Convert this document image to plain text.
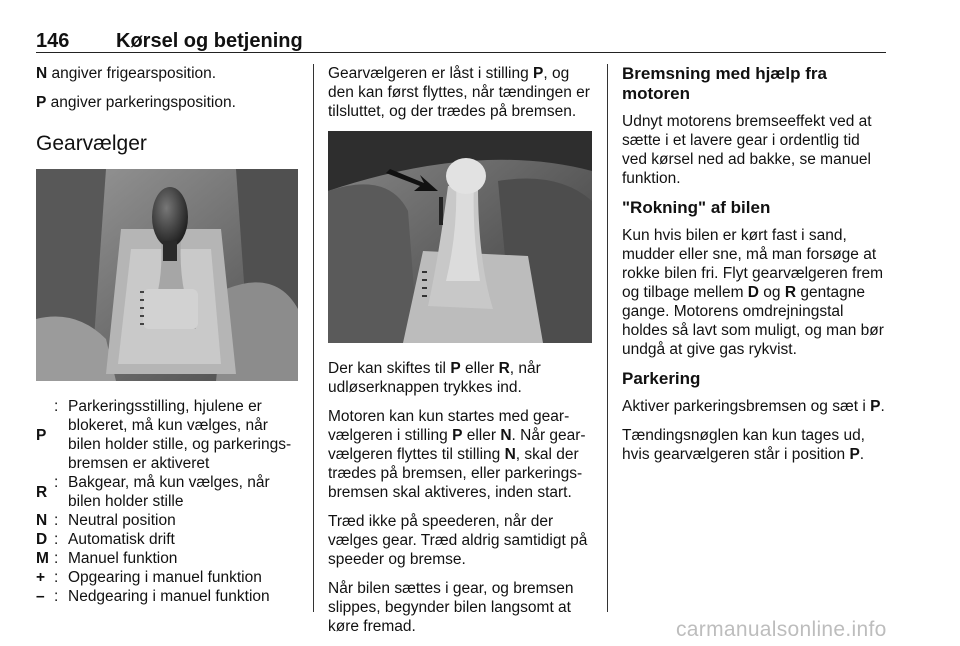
146 Kørsel og betjening

N angiver frigearsposition.

P angiver parkeringsposition.

Gearvælger

P
: Parkeringsstilling, hjulene er blokeret, må kun vælges, når bilen holder stille, og parkerings-bremsen er aktiveret
R
: Bakgear, må kun vælges, når bilen holder stille
N : Neutral position
D : Automatisk drift
M : Manuel funktion
+ : Opgearing i manuel funktion
– : Nedgearing i manuel funktion

Gearvælgeren er låst i stilling P, og den kan først flyttes, når tændingen er tilsluttet, og der trædes på bremsen.

Der kan skiftes til P eller R, når udløserknappen trykkes ind.

Motoren kan kun startes med gear-vælgeren i stilling P eller N. Når gear-vælgeren flyttes til stilling N, skal der trædes på bremsen, eller parkerings-bremsen skal aktiveres, inden start.

Træd ikke på speederen, når der vælges gear. Træd aldrig samtidigt på speeder og bremse.

Når bilen sættes i gear, og bremsen slippes, begynder bilen langsomt at køre fremad.

Bremsning med hjælp fra motoren

Udnyt motorens bremseeffekt ved at sætte i et lavere gear i ordentlig tid ved kørsel ned ad bakke, se manuel funktion.

"Rokning" af bilen

Kun hvis bilen er kørt fast i sand, mudder eller sne, må man forsøge at rokke bilen fri. Flyt gearvælgeren frem og tilbage mellem D og R gentagne gange. Motorens omdrejningstal holdes så lavt som muligt, og man bør undgå at give gas rykvist.

Parkering

Aktiver parkeringsbremsen og sæt i P.

Tændingsnøglen kan kun tages ud, hvis gearvælgeren står i position P.

carmanualsonline.info
